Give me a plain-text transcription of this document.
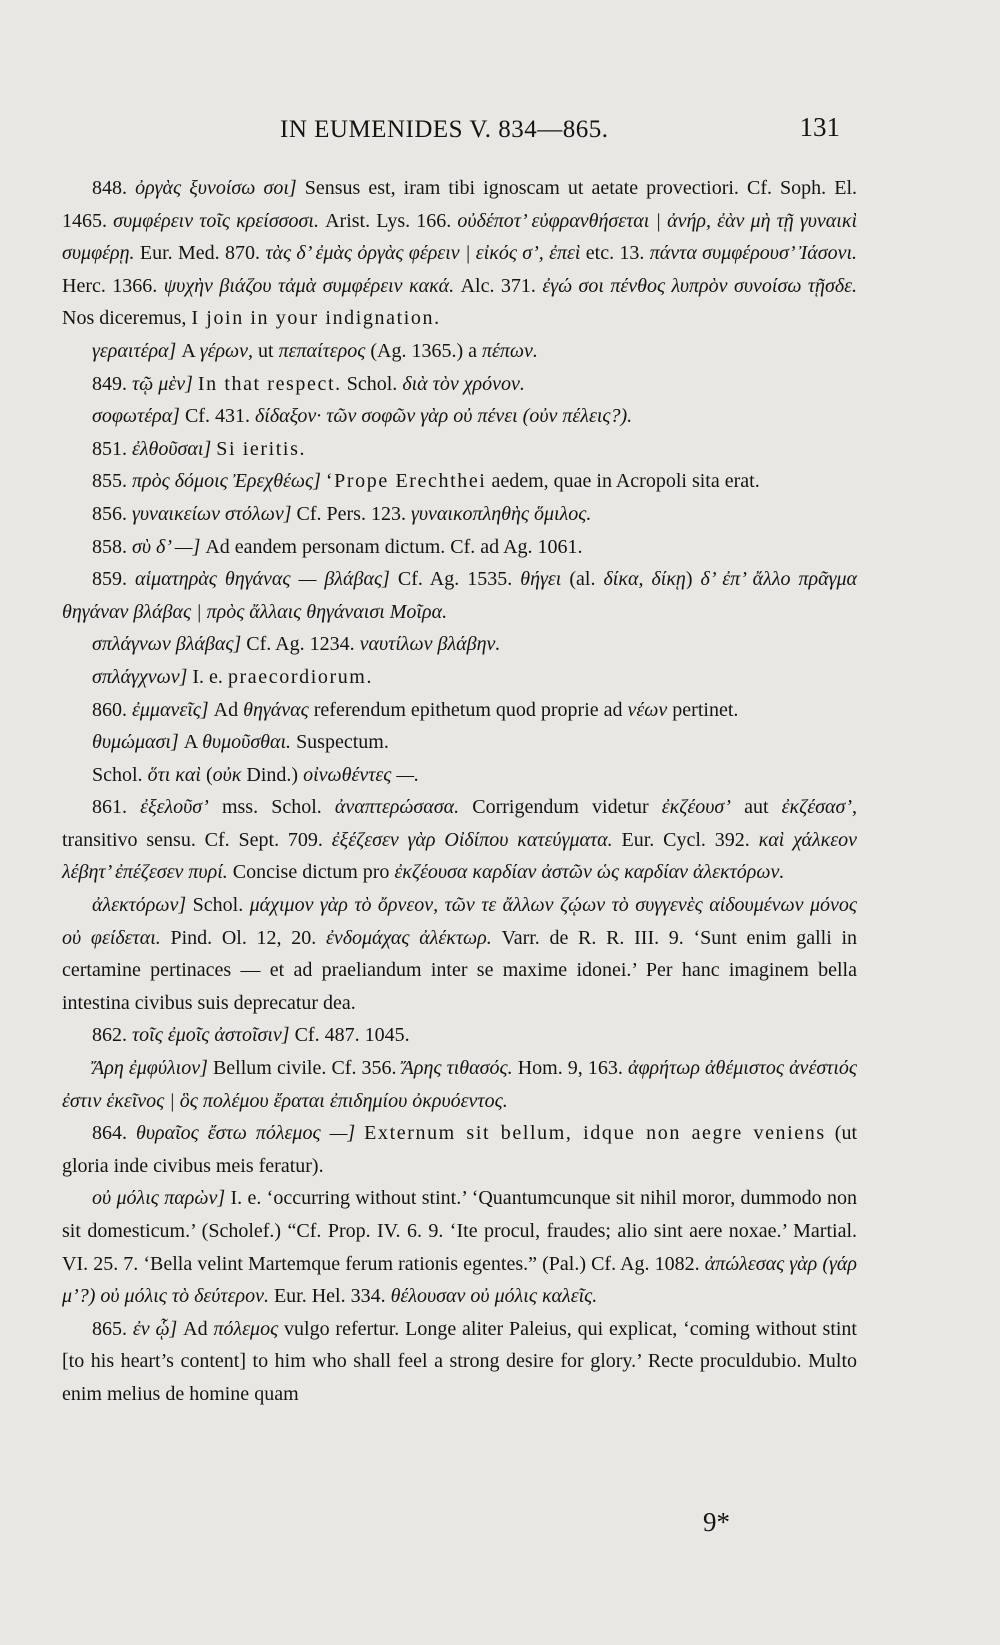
IN EUMENIDES V. 834—865.	131

848. ὀργὰς ξυνοίσω σοι] Sensus est, iram tibi ignoscam ut aetate provectiori. Cf. Soph. El. 1465. συμφέρειν τοῖς κρείσσοσι. Arist. Lys. 166. οὐδέποτ’ εὐφρανθήσεται | ἀνήρ, ἐὰν μὴ τῇ γυναικὶ συμφέρῃ. Eur. Med. 870. τὰς δ’ ἐμὰς ὀργὰς φέρειν | εἰκός σ’, ἐπεὶ etc. 13. πάντα συμφέρουσ’ Ἰάσονι. Herc. 1366. ψυχὴν βιάζου τἀμὰ συμφέρειν κακά. Alc. 371. ἐγώ σοι πένθος λυπρὸν συνοίσω τῇσδε. Nos diceremus, I join in your indignation.

γεραιτέρα] A γέρων, ut πεπαίτερος (Ag. 1365.) a πέπων.

849. τῷ μὲν] In that respect. Schol. διὰ τὸν χρόνον.

σοφωτέρα] Cf. 431. δίδαξον· τῶν σοφῶν γὰρ οὐ πένει (οὐν πέλεις?).

851. ἐλθοῦσαι] Si ieritis.

855. πρὸς δόμοις Ἐρεχθέως] ‘Prope Erechthei aedem, quae in Acropoli sita erat.

856. γυναικείων στόλων] Cf. Pers. 123. γυναικοπληθὴς ὅμιλος.

858. σὺ δ’ —] Ad eandem personam dictum. Cf. ad Ag. 1061.

859. αἱματηρὰς θηγάνας — βλάβας] Cf. Ag. 1535. θήγει (al. δίκα, δίκῃ) δ’ ἐπ’ ἄλλο πρᾶγμα θηγάναν βλάβας | πρὸς ἄλλαις θηγάναισι Μοῖρα.

σπλάγνων βλάβας] Cf. Ag. 1234. ναυτίλων βλάβην.

σπλάγχνων] I. e. praecordiorum.

860. ἐμμανεῖς] Ad θηγάνας referendum epithetum quod proprie ad νέων pertinet.

θυμώμασι] A θυμοῦσθαι. Suspectum.

Schol. ὅτι καὶ (οὐκ Dind.) οἰνωθέντες —.

861. ἐξελοῦσ’ mss. Schol. ἀναπτερώσασα. Corrigendum videtur ἐκζέουσ’ aut ἐκζέσασ’, transitivo sensu. Cf. Sept. 709. ἐξέζεσεν γὰρ Οἰδίπου κατεύγματα. Eur. Cycl. 392. καὶ χάλκεον λέβητ’ ἐπέζεσεν πυρί. Concise dictum pro ἐκζέουσα καρδίαν ἀστῶν ὡς καρδίαν ἀλεκτόρων.

ἀλεκτόρων] Schol. μάχιμον γὰρ τὸ ὄρνεον, τῶν τε ἄλλων ζῴων τὸ συγγενὲς αἰδουμένων μόνος οὐ φείδεται. Pind. Ol. 12, 20. ἐνδομάχας ἀλέκτωρ. Varr. de R. R. III. 9. ‘Sunt enim galli in certamine pertinaces — et ad praeliandum inter se maxime idonei.’ Per hanc imaginem bella intestina civibus suis deprecatur dea.

862. τοῖς ἐμοῖς ἀστοῖσιν] Cf. 487. 1045.

Ἄρη ἐμφύλιον] Bellum civile. Cf. 356. Ἄρης τιθασός. Hom. 9, 163. ἀφρήτωρ ἀθέμιστος ἀνέστιός ἐστιν ἐκεῖνος | ὃς πολέμου ἔραται ἐπιδημίου ὀκρυόεντος.

864. θυραῖος ἔστω πόλεμος —] Externum sit bellum, idque non aegre veniens (ut gloria inde civibus meis feratur).

οὐ μόλις παρὼν] I. e. ‘occurring without stint.’ ‘Quantumcunque sit nihil moror, dummodo non sit domesticum.’ (Scholef.) “Cf. Prop. IV. 6. 9. ‘Ite procul, fraudes; alio sint aere noxae.’ Martial. VI. 25. 7. ‘Bella velint Martemque ferum rationis egentes.” (Pal.) Cf. Ag. 1082. ἀπώλεσας γὰρ (γάρ μ’?) οὐ μόλις τὸ δεύτερον. Eur. Hel. 334. θέλουσαν οὐ μόλις καλεῖς.

865. ἐν ᾧ] Ad πόλεμος vulgo refertur. Longe aliter Paleius, qui explicat, ‘coming without stint [to his heart’s content] to him who shall feel a strong desire for glory.’ Recte proculdubio. Multo enim melius de homine quam

9*
